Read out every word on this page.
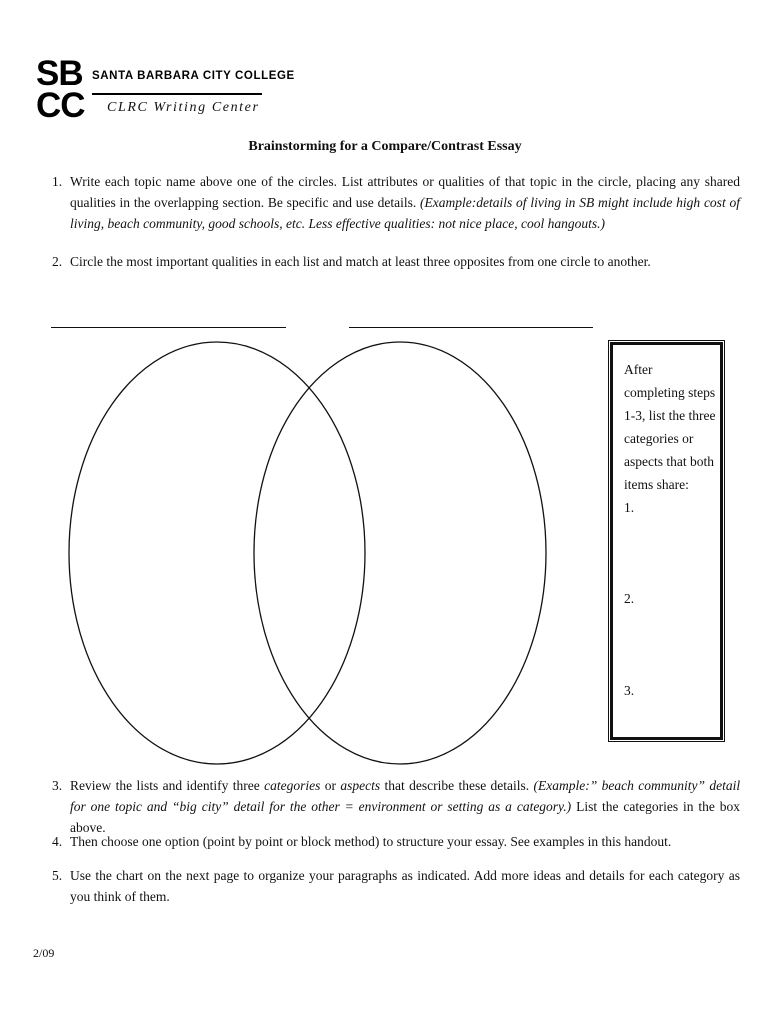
SB
CC
SANTA BARBARA CITY COLLEGE
CLRC Writing Center
Brainstorming for a Compare/Contrast Essay
1. Write each topic name above one of the circles. List attributes or qualities of that topic in the circle, placing any shared qualities in the overlapping section. Be specific and use details. (Example:details of living in SB might include high cost of living, beach community, good schools, etc. Less effective qualities: not nice place, cool hangouts.)
2. Circle the most important qualities in each list and match at least three opposites from one circle to another.
After completing steps 1-3, list the three categories or aspects that both items share:
1.
2.
3.
3. Review the lists and identify three categories or aspects that describe these details. (Example:” beach community” detail for one topic and “big city” detail for the other = environment or setting as a category.) List the categories in the box above.
4. Then choose one option (point by point or block method) to structure your essay. See examples in this handout.
5. Use the chart on the next page to organize your paragraphs as indicated. Add more ideas and details for each category as you think of them.
2/09
